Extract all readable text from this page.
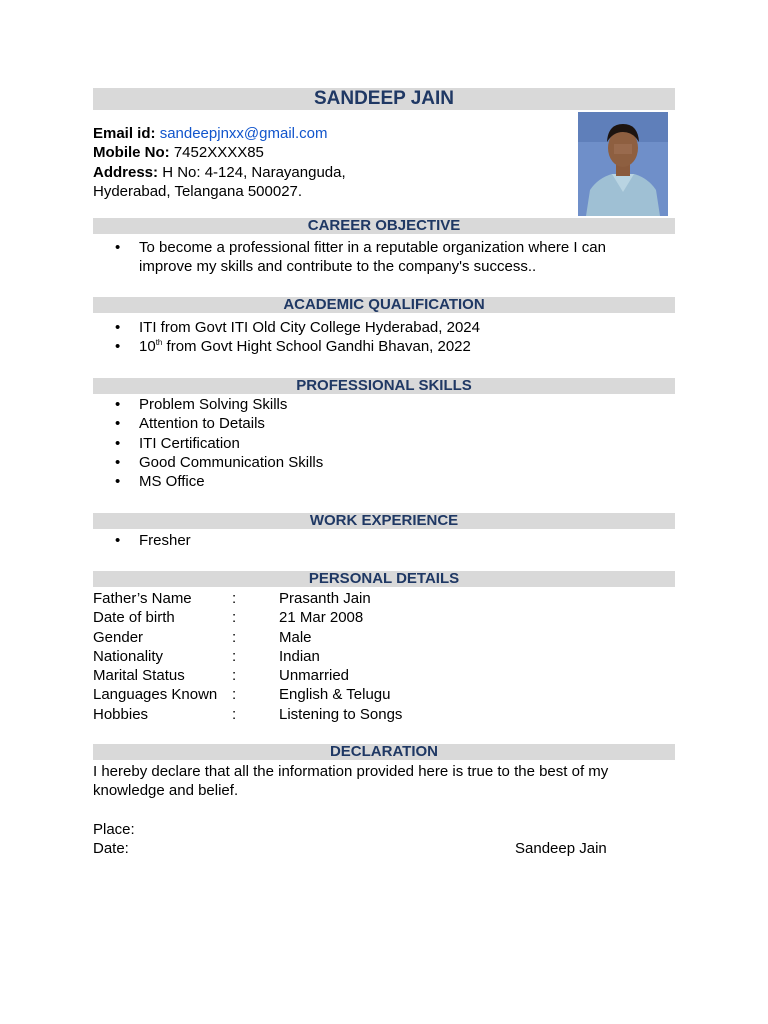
SANDEEP JAIN
Email id: sandeepjnxx@gmail.com
Mobile No: 7452XXXX85
Address: H No: 4-124, Narayanguda,
Hyderabad, Telangana 500027.
CAREER OBJECTIVE
• To become a professional fitter in a reputable organization where I can improve my skills and contribute to the company's success..
ACADEMIC QUALIFICATION
• ITI from Govt ITI Old City College Hyderabad, 2024
• 10th from Govt Hight School Gandhi Bhavan, 2022
PROFESSIONAL SKILLS
• Problem Solving Skills
• Attention to Details
• ITI Certification
• Good Communication Skills
• MS Office
WORK EXPERIENCE
• Fresher
PERSONAL DETAILS
Father’s Name	:	Prasanth Jain
Date of birth	:	21 Mar 2008
Gender	:	Male
Nationality	:	Indian
Marital Status	:	Unmarried
Languages Known :	English & Telugu
Hobbies	:	Listening to Songs
DECLARATION
I hereby declare that all the information provided here is true to the best of my knowledge and belief.
Place:
Date:	Sandeep Jain
